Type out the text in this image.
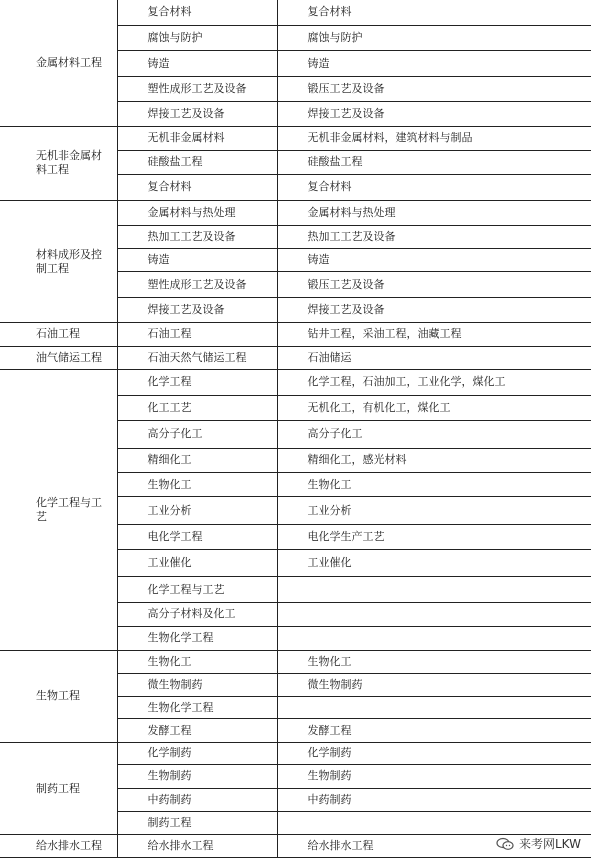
金属材料工程	复合材料	复合材料
	腐蚀与防护	腐蚀与防护
	铸造	铸造
	塑性成形工艺及设备	锻压工艺及设备
	焊接工艺及设备	焊接工艺及设备
无机非金属材料工程	无机非金属材料	无机非金属材料，建筑材料与制品
	硅酸盐工程	硅酸盐工程
	复合材料	复合材料
材料成形及控制工程	金属材料与热处理	金属材料与热处理
	热加工工艺及设备	热加工工艺及设备
	铸造	铸造
	塑性成形工艺及设备	锻压工艺及设备
	焊接工艺及设备	焊接工艺及设备
石油工程	石油工程	钻井工程，采油工程，油藏工程
油气储运工程	石油天然气储运工程	石油储运
化学工程与工艺	化学工程	化学工程，石油加工，工业化学，煤化工
	化工工艺	无机化工，有机化工，煤化工
	高分子化工	高分子化工
	精细化工	精细化工，感光材料
	生物化工	生物化工
	工业分析	工业分析
	电化学工程	电化学生产工艺
	工业催化	工业催化
	化学工程与工艺	
	高分子材料及化工	
	生物化学工程	
生物工程	生物化工	生物化工
	微生物制药	微生物制药
	生物化学工程	
	发酵工程	发酵工程
制药工程	化学制药	化学制药
	生物制药	生物制药
	中药制药	中药制药
	制药工程	
给水排水工程	给水排水工程	给水排水工程	来考网LKW
